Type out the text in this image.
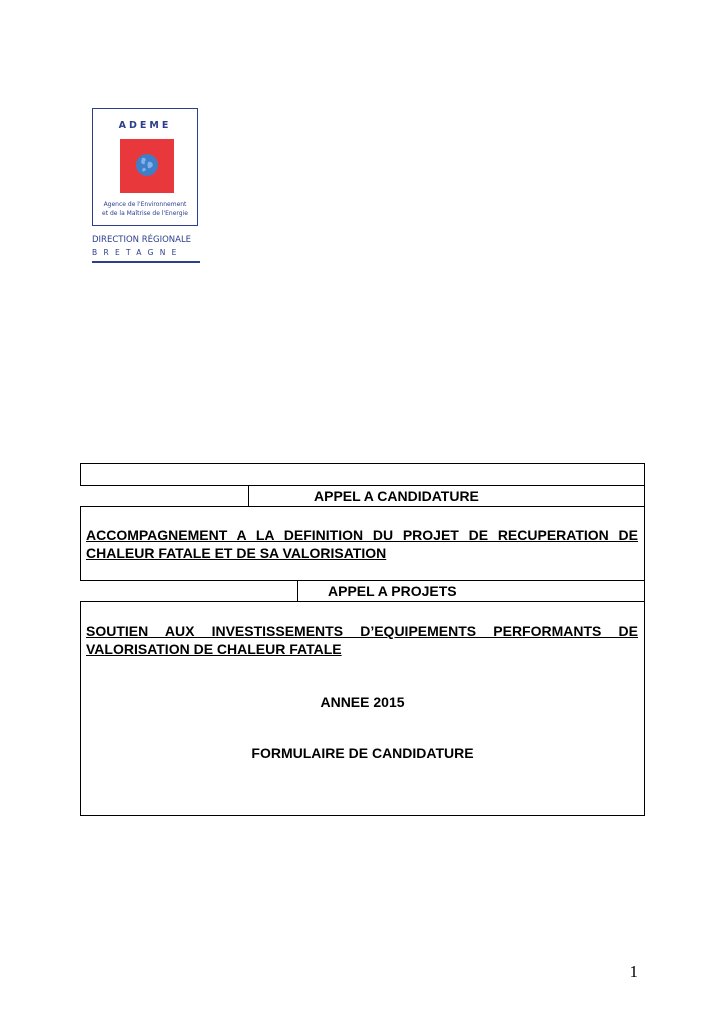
ADEME
Agence de l'Environnement
et de la Maîtrise de l'Energie
DIRECTION RÉGIONALE
BRETAGNE
APPEL A CANDIDATURE
ACCOMPAGNEMENT A LA DEFINITION DU PROJET DE RECUPERATION DE
CHALEUR FATALE ET DE SA VALORISATION
APPEL A PROJETS
SOUTIEN AUX INVESTISSEMENTS D’EQUIPEMENTS PERFORMANTS DE
VALORISATION DE CHALEUR FATALE
ANNEE 2015
FORMULAIRE DE CANDIDATURE
1
